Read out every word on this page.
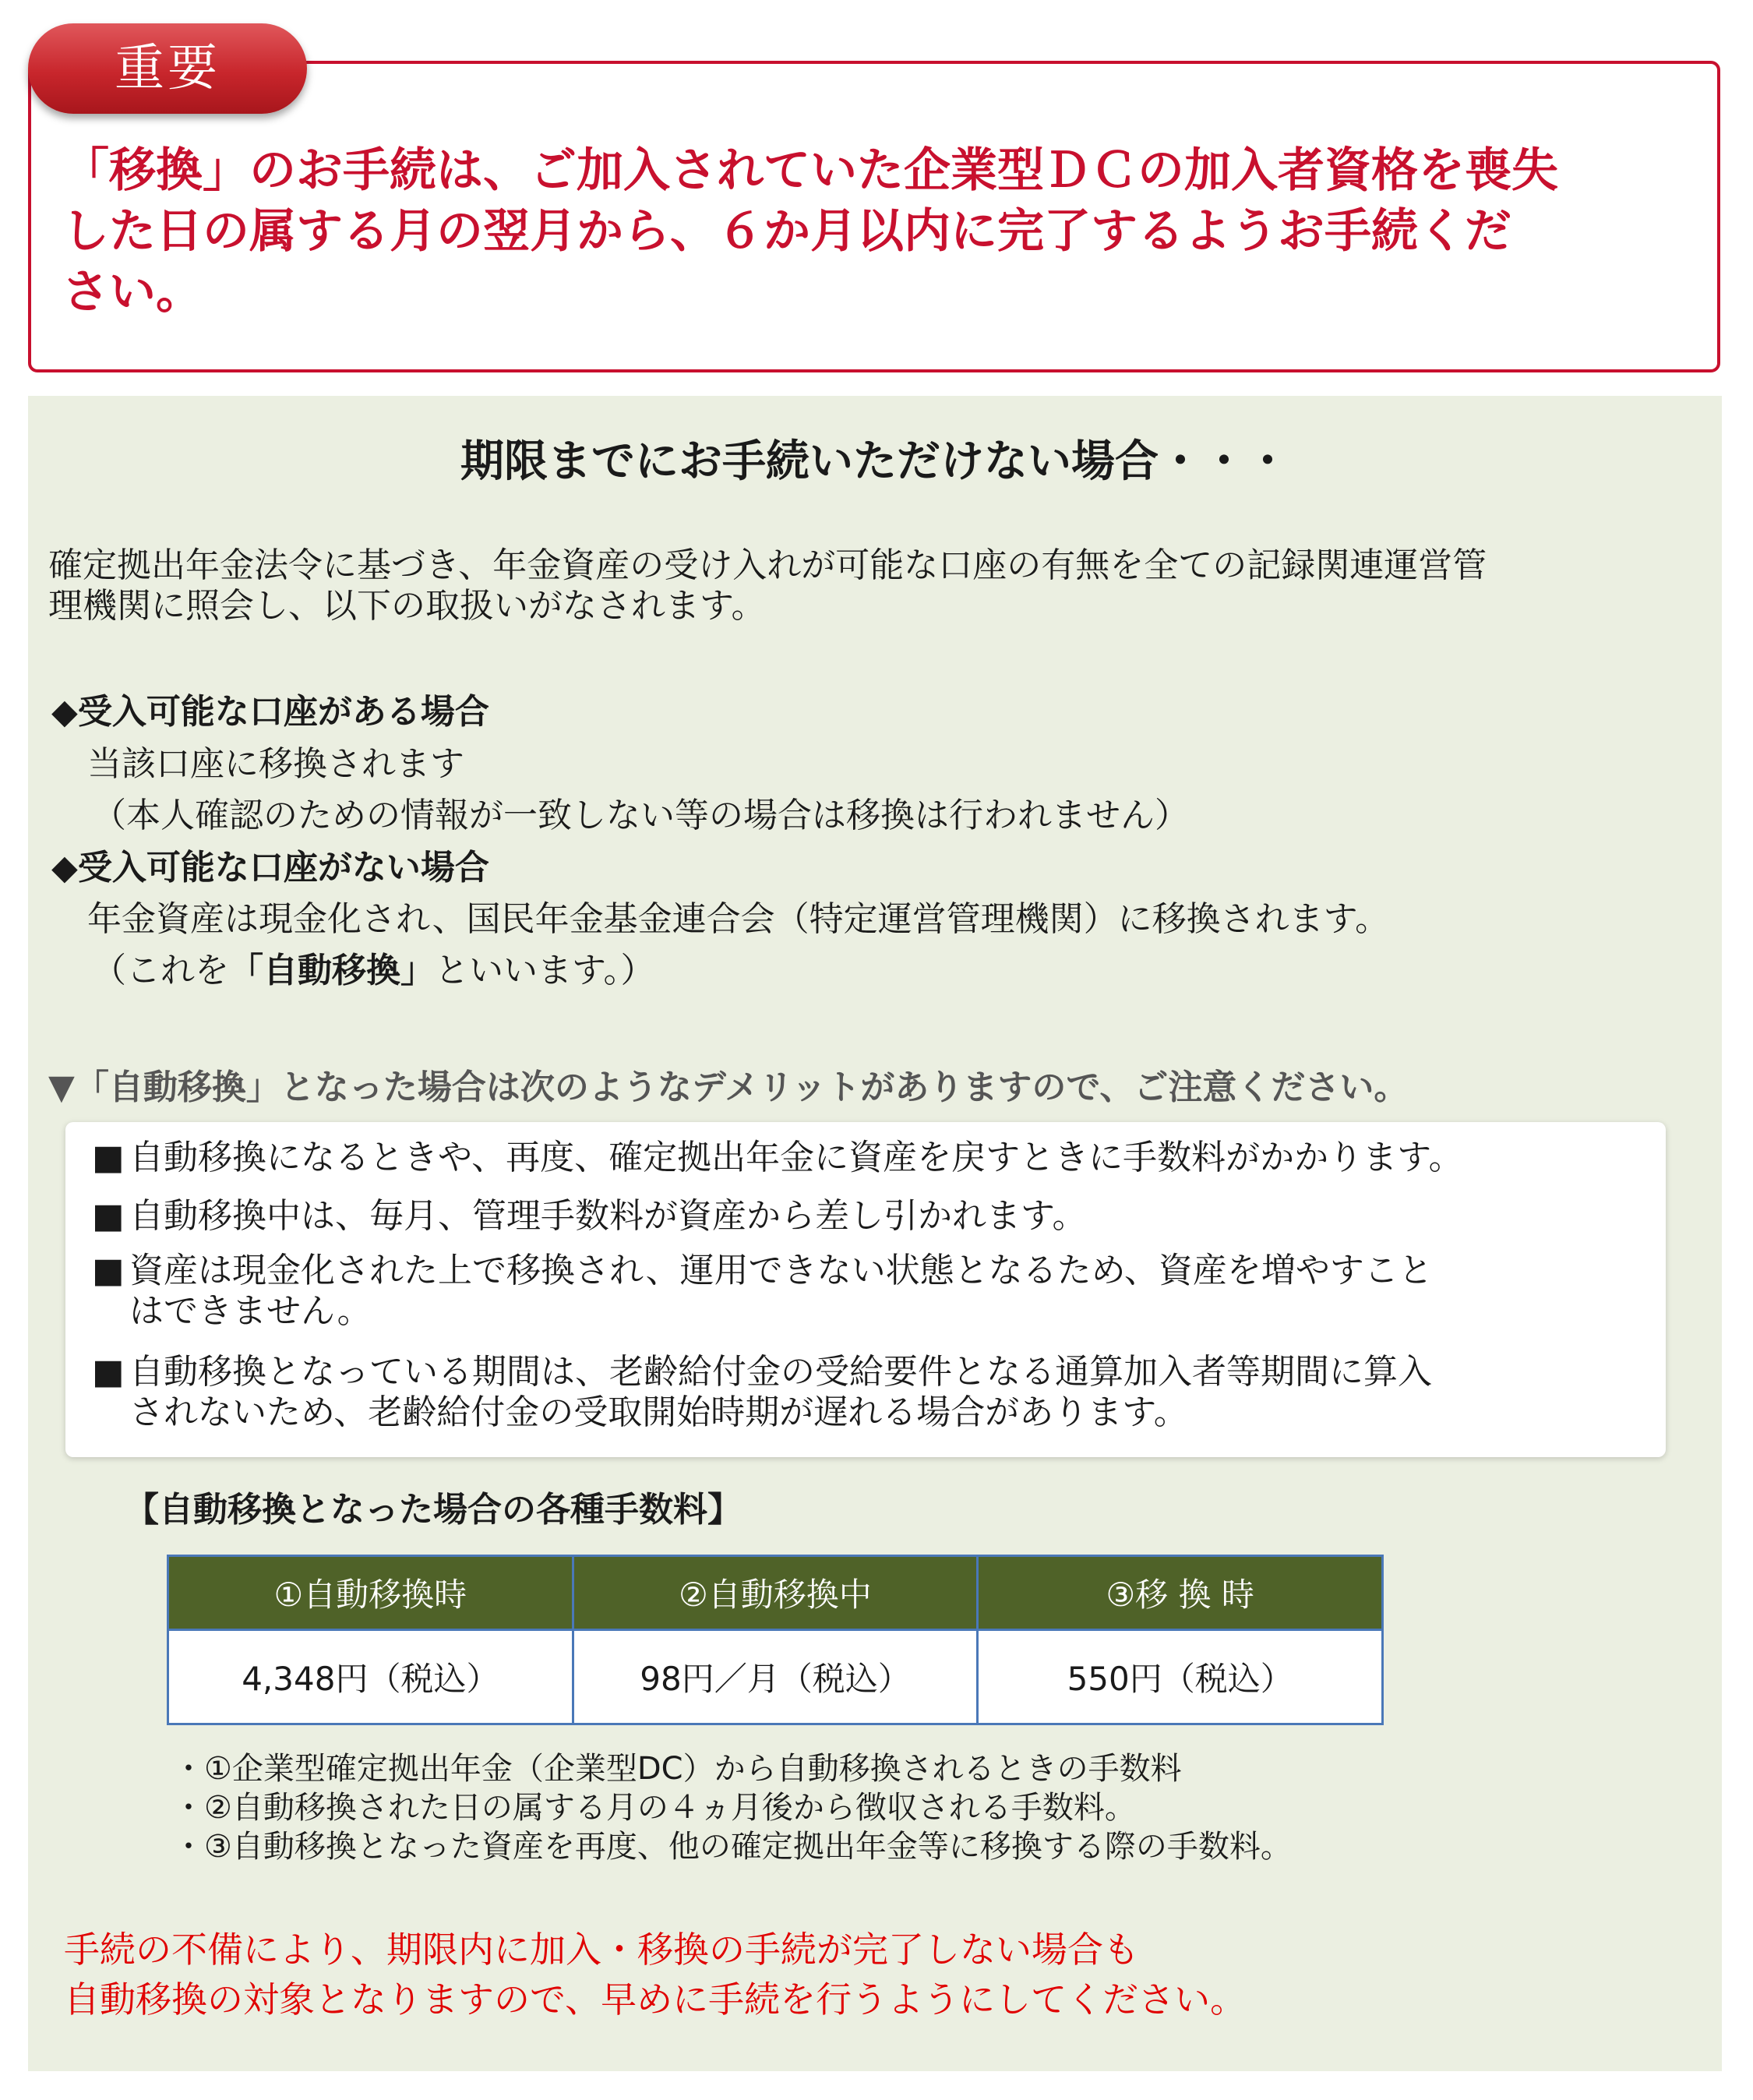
重要
「移換」のお手続は、ご加入されていた企業型ＤＣの加入者資格を喪失
した日の属する月の翌月から、６か月以内に完了するようお手続くだ
さい。
期限までにお手続いただけない場合・・・
確定拠出年金法令に基づき、年金資産の受け入れが可能な口座の有無を全ての記録関連運営管
理機関に照会し、以下の取扱いがなされます。
◆受入可能な口座がある場合
当該口座に移換されます
（本人確認のための情報が一致しない等の場合は移換は行われません）
◆受入可能な口座がない場合
年金資産は現金化され、国民年金基金連合会（特定運営管理機関）に移換されます。
（これを「自動移換」といいます。）
▼「自動移換」となった場合は次のようなデメリットがありますので、ご注意ください。
■ 自動移換になるときや、再度、確定拠出年金に資産を戻すときに手数料がかかります。
■ 自動移換中は、毎月、管理手数料が資産から差し引かれます。
■ 資産は現金化された上で移換され、運用できない状態となるため、資産を増やすこと
はできません。
■ 自動移換となっている期間は、老齢給付金の受給要件となる通算加入者等期間に算入
されないため、老齢給付金の受取開始時期が遅れる場合があります。
【自動移換となった場合の各種手数料】
①自動移換時	②自動移換中	③移 換 時
4,348円（税込）	98円／月（税込）	550円（税込）
・①企業型確定拠出年金（企業型DC）から自動移換されるときの手数料
・②自動移換された日の属する月の４ヵ月後から徴収される手数料。
・③自動移換となった資産を再度、他の確定拠出年金等に移換する際の手数料。
手続の不備により、期限内に加入・移換の手続が完了しない場合も
自動移換の対象となりますので、早めに手続を行うようにしてください。
